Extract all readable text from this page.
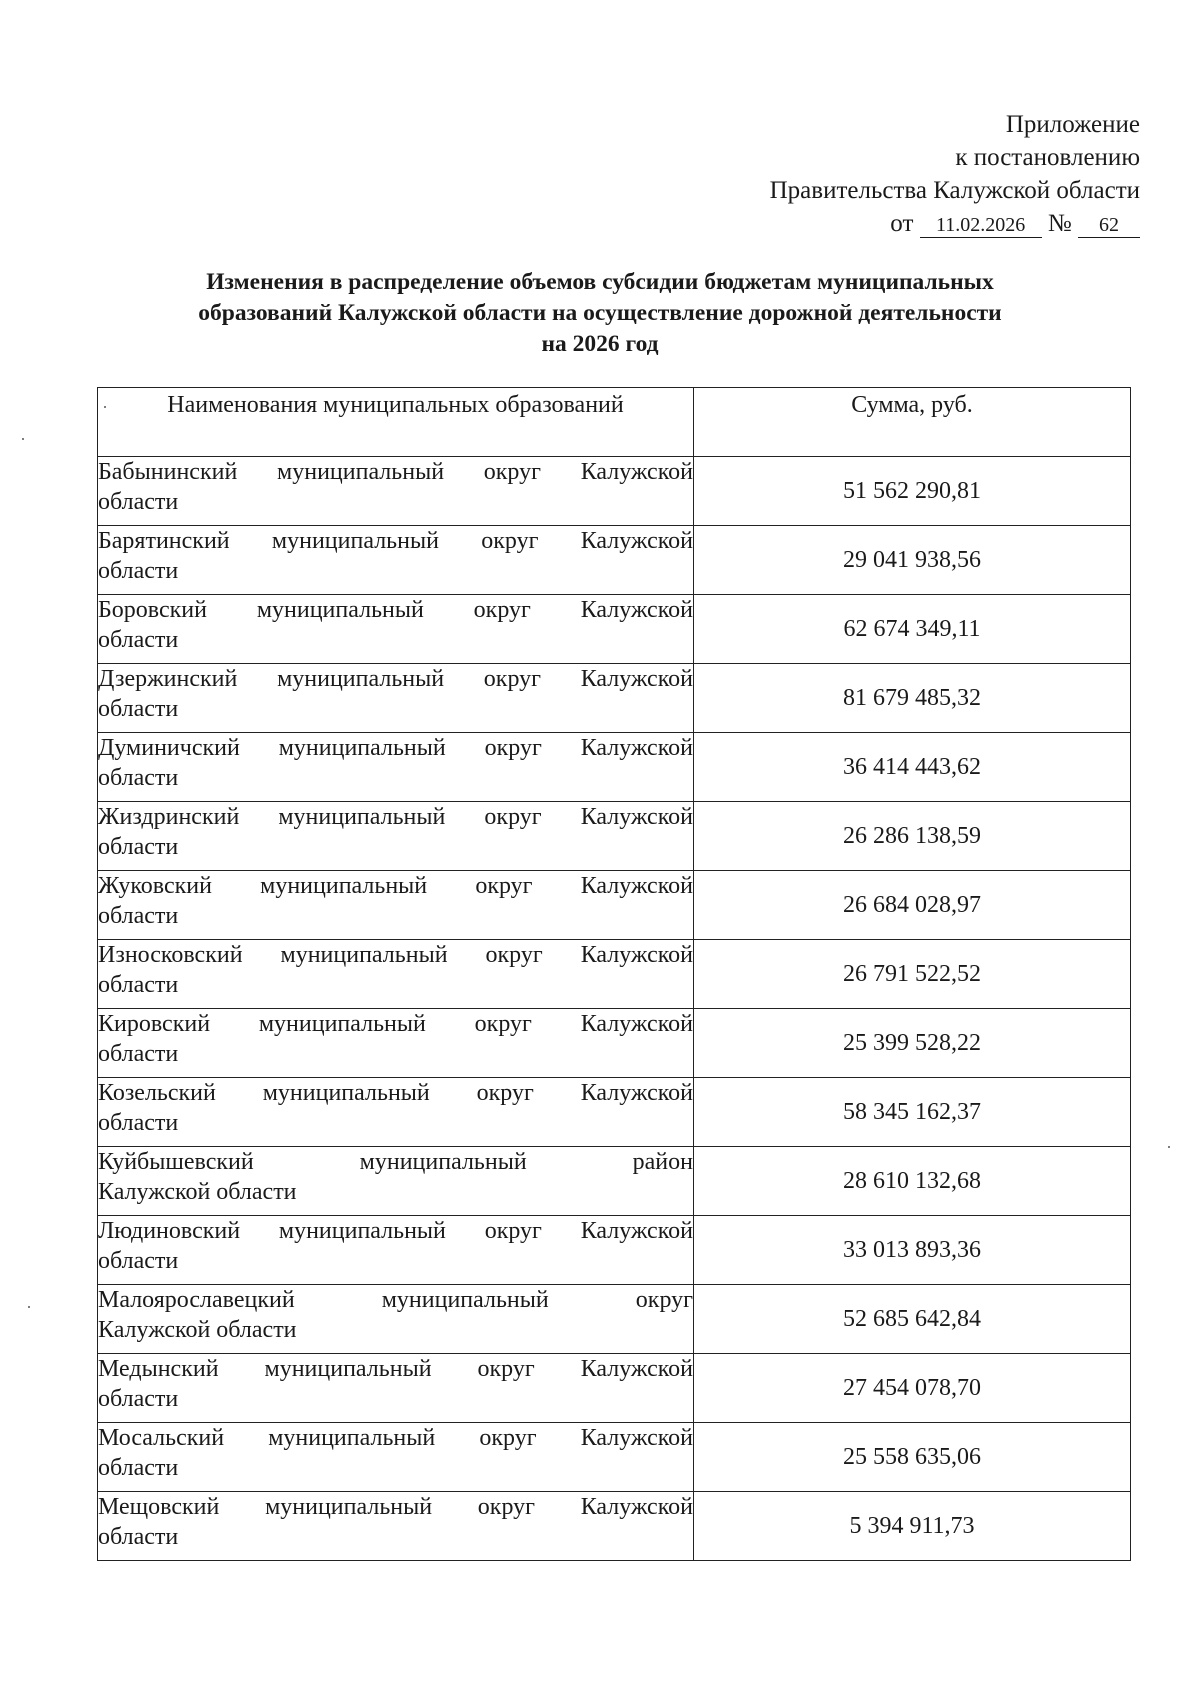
Приложение
к постановлению
Правительства Калужской области
от 11.02.2026 № 62
Изменения в распределение объемов субсидии бюджетам муниципальных
образований Калужской области на осуществление дорожной деятельности
на 2026 год
Наименования муниципальных образований	Сумма, руб.

Бабынинский муниципальный округ Калужской
области	51 562 290,81

Барятинский муниципальный округ Калужской
области	29 041 938,56

Боровский муниципальный округ Калужской
области	62 674 349,11

Дзержинский муниципальный округ Калужской
области	81 679 485,32

Думиничский муниципальный округ Калужской
области	36 414 443,62

Жиздринский муниципальный округ Калужской
области	26 286 138,59

Жуковский муниципальный округ Калужской
области	26 684 028,97

Износковский муниципальный округ Калужской
области	26 791 522,52

Кировский муниципальный округ Калужской
области	25 399 528,22

Козельский муниципальный округ Калужской
области	58 345 162,37

Куйбышевский муниципальный район
Калужской области	28 610 132,68

Людиновский муниципальный округ Калужской
области	33 013 893,36

Малоярославецкий муниципальный округ
Калужской области	52 685 642,84

Медынский муниципальный округ Калужской
области	27 454 078,70

Мосальский муниципальный округ Калужской
области	25 558 635,06

Мещовский муниципальный округ Калужской
области	5 394 911,73
